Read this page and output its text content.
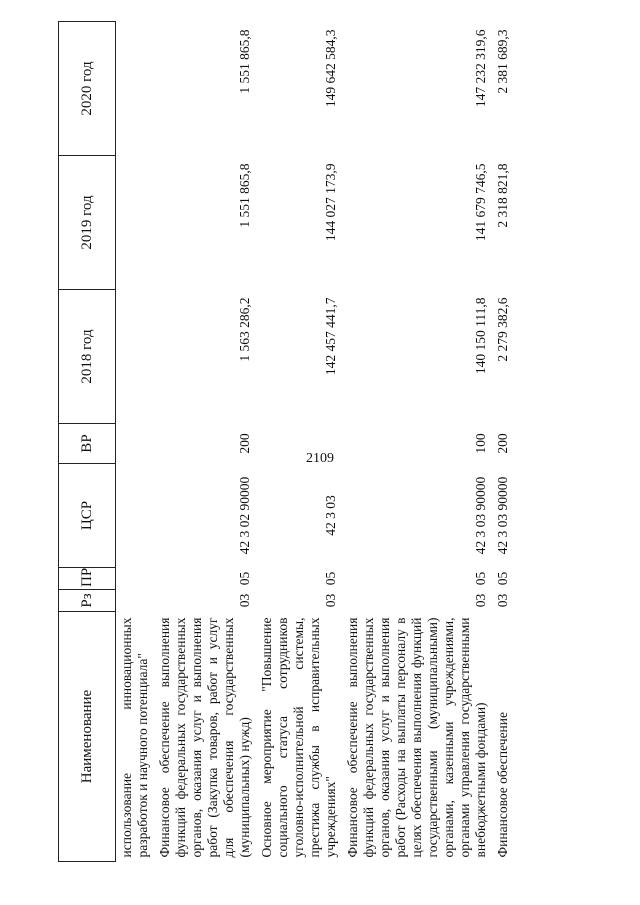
2109
Наименование	Рз	ПР	ЦСР	ВР	2018 год	2019 год	2020 год
использование инновационных разработок и научного потенциала"							
Финансовое обеспечение выполнения функций федеральных государственных органов, оказания услуг и выполнения работ (Закупка товаров, работ и услуг для обеспечения государственных (муниципальных) нужд)	03	05	42 3 02 90000	200	1 563 286,2	1 551 865,8	1 551 865,8
Основное мероприятие "Повышение социального статуса сотрудников уголовно-исполнительной системы, престижа службы в исправительных учреждениях"	03	05	42 3 03		142 457 441,7	144 027 173,9	149 642 584,3
Финансовое обеспечение выполнения функций федеральных государственных органов, оказания услуг и выполнения работ (Расходы на выплаты персоналу в целях обеспечения выполнения функций государственными (муниципальными) органами, казенными учреждениями, органами управления государственными внебюджетными фондами)	03	05	42 3 03 90000	100	140 150 111,8	141 679 746,5	147 232 319,6
Финансовое обеспечение	03	05	42 3 03 90000	200	2 279 382,6	2 318 821,8	2 381 689,3
